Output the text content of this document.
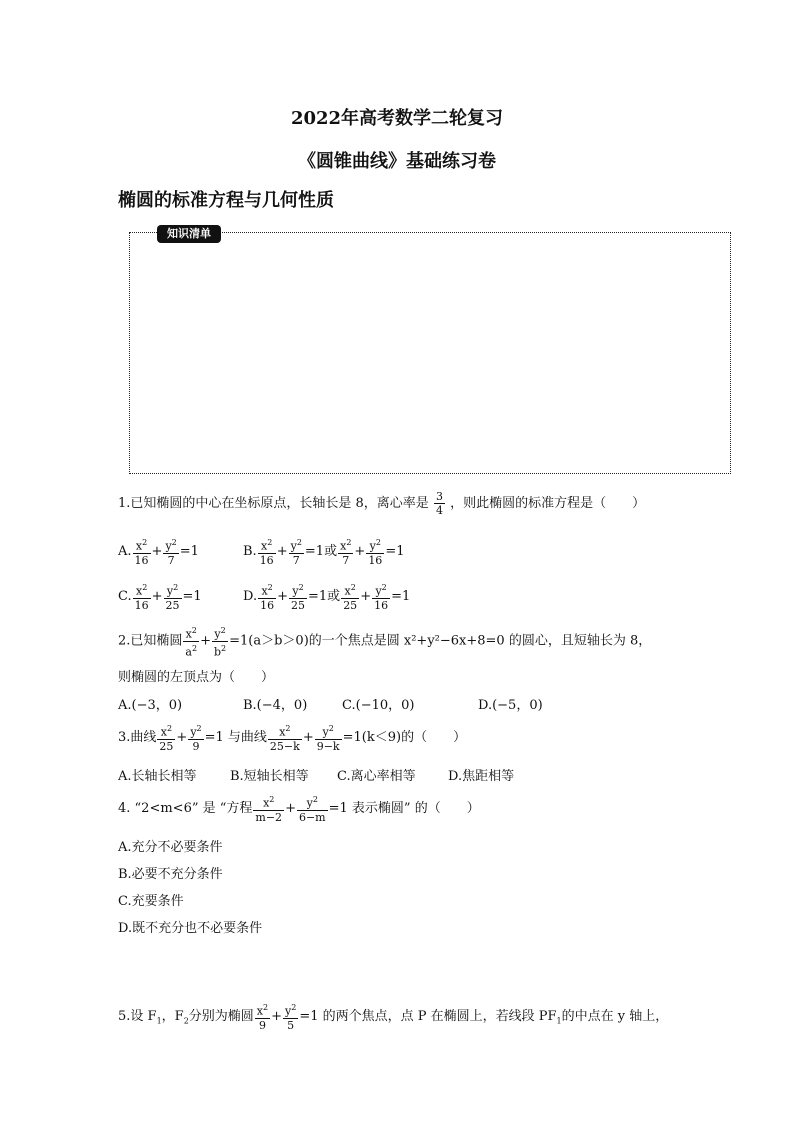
2022年高考数学二轮复习
《圆锥曲线》基础练习卷
椭圆的标准方程与几何性质
知识清单
1.已知椭圆的中心在坐标原点，长轴长是 8，离心率是 $\frac{3}{4}$ ，则此椭圆的标准方程是（　　）
A. $\frac{x^2}{16} + \frac{y^2}{7} =1$	B. $\frac{x^2}{16} + \frac{y^2}{7} =1$或 $\frac{x^2}{7} + \frac{y^2}{16} =1$
C. $\frac{x^2}{16} + \frac{y^2}{25} =1$	D. $\frac{x^2}{16} + \frac{y^2}{25} =1$或 $\frac{x^2}{25} + \frac{y^2}{16} =1$
2.已知椭圆 $\frac{x^2}{a^2} + \frac{y^2}{b^2} =1(a>b>0)$的一个焦点是圆 x²+y²−6x+8=0 的圆心，且短轴长为 8，
则椭圆的左顶点为（　　）
A.(−3，0)	B.(−4，0)	C.(−10，0)	D.(−5，0)
3.曲线 $\frac{x^2}{25} + \frac{y^2}{9} =1$ 与曲线 $\frac{x^2}{25-k} + \frac{y^2}{9-k} =1(k<9)$的（　　）
A.长轴长相等	B.短轴长相等 C.离心率相等 D.焦距相等
4. “2<m<6” 是 “方程 $\frac{x^2}{m-2} + \frac{y^2}{6-m} =1$ 表示椭圆” 的（　　）
A.充分不必要条件
B.必要不充分条件
C.充要条件
D.既不充分也不必要条件
5.设 $F_1$，$F_2$分别为椭圆 $\frac{x^2}{9} + \frac{y^2}{5} =1$ 的两个焦点，点 P 在椭圆上，若线段 $PF_1$的中点在 y 轴上，
